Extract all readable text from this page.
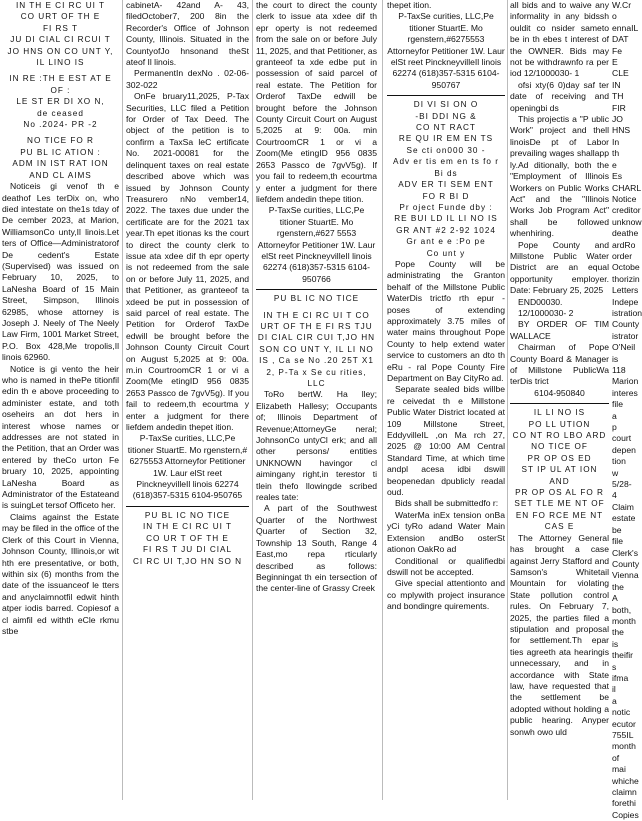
IN TH E CI RC UI T

CO URT OF TH E

FI RS T

JU DI CIAL CI RCUI T

JO HNS ON CO UNT Y,

IL LINO IS

IN RE :TH E EST AT E

OF :

LE ST ER DI XO N,

de ceased

No .2024- PR -2

NO TICE FO R

PU BL IC ATION :

ADM IN IST RAT ION

AND CL AIMS

Noticeis gi venof th e deathof Les terDix on, who died intestate on the1s tday of De cember 2023, at Marion, WilliamsonCo unty,Il linois.Let ters of Office—Administratorof De cedent's Estate (Supervised) was issued on February 10, 2025, to LaNesha Board of 15 Main Street, Simpson, Illinois 62985, whose attorney is Joseph J. Neely of The Neely Law Firm, 1001 Market Street, P.O. Box 428,Me tropolis,Il linois 62960.

Notice is gi vento the heir who is named in thePe titionfil edin th e above proceeding to administer estate, and toth oseheirs an dot hers in interest whose names or addresses are not stated in the Petition, that an Order was entered by theCo urton Fe bruary 10, 2025, appointing LaNesha Board as Administrator of the Estateand is suingLet tersof Officeto her.

Claims against the Estate may be filed in the office of the Clerk of this Court in Vienna, Johnson County, Illinois,or wit hth ere presentative, or both, within six (6) months from the date of the issuanceof le tters and anyclaimnotfil edwit hinth atper iodis barred. Copiesof a cl aimfil ed withth eCle rkmu stbe

cabinetA- 42and A- 43, filedOctober7, 200 8in the Recorder's Office of Johnson County, Illinois. Situated in the CountyofJo hnsonand theSt ateof Il linois.

PermanentIn dexNo . 02-06-302-022

OnFe bruary11,2025, P-Tax Securities, LLC filed a Petition for Order of Tax Deed. The object of the petition is to confirm a TaxSa leC ertificate No. 2021-00081 for the delinquent taxes on real estate described above which was issued by Johnson County Treasurero nNo vember14, 2022. The taxes due under the certificate are for the 2021 tax year.Th epet itionas ks the court to direct the county clerk to issue ata xdee dif th epr operty is not redeemed from the sale on or before July 11, 2025, and that Petitioner, as granteeof ta xdeed be put in possession of said parcel of real estate. The Petition for Orderof TaxDe edwill be brought before the Johnson County Circuit Court on August 5,2025 at 9: 00a. m.in CourtroomCR 1 or vi a Zoom(Me etingID 956 0835 2653 Passco de 7gvV5g). If you fail to redeem,th ecourtma y enter a judgment for there liefdem andedin thepet ition.

P-TaxSe curities, LLC,Pe titioner StuartE. Mo rgenstern,# 6275553 Attorneyfor Petitioner 1W. Laur elSt reet PinckneyvilleIl linois 62274 (618)357-5315 6104-950765

PU BL IC NO TICE

IN TH E CI RC UI T

CO UR T OF TH E

FI RS T JU DI CIAL

CI RC UI T,JO HN SO N

the court to direct the county clerk to issue ata xdee dif th epr operty is not redeemed from the sale on or before July 11, 2025, and that Petitioner, as granteeof ta xde edbe put in possession of said parcel of real estate. The Petition for Orderof TaxDe edwill be brought before the Johnson County Circuit Court on August 5,2025 at 9: 00a. min CourtroomCR 1 or vi a Zoom(Me etingID 956 0835 2653 Passco de 7gvV5g). If you fail to redeem,th ecourtma y enter a judgment for there liefdem andedin thepe tition.

P-TaxSe curities, LLC,Pe titioner StuartE. Mo rgenstern,#627 5553 Attorneyfor Petitioner 1W. Laur elSt reet PinckneyvilleIl linois 62274 (618)357-5315 6104-950766

PU BL IC NO TICE

IN TH E CI RC UI T CO URT OF TH E FI RS TJU DI CIAL CIR CUI T,JO HN SON CO UNT Y, IL LI NO IS , Ca se No .20 25T X1 2, P-Ta x Se cu rities, LLC

ToRo bertW. Ha lley; Elizabeth Hallesy; Occupants of; Illinois Department of Revenue;AttorneyGe neral; JohnsonCo untyCl erk; and all other persons/ entities UNKNOWN havingor cl aimingany right,in terestor ti tlein thefo llowingde scribed reales tate:

A part of the Southwest Quarter of the Northwest Quarter of Section 32, Township 13 South, Range 4 East,mo repa rticularly described as follows: Beginningat th ein tersection of the center-line of Grassy Creek

thepet ition.

P-TaxSe curities, LLC,Pe titioner StuartE. Mo rgenstern,#6275553 Attorneyfor Petitioner 1W. Laur elSt reet PinckneyvilleIl linois 62274 (618)357-5315 6104-950767

DI VI SI ON O

-BI DDI NG &

CO NT RACT

RE QU IR EM EN TS

Se cti on000 30 -

Adv er tis em en ts fo r

Bi ds

ADV ER TI SEM ENT

FO R BI D

Pr oject Funde dby :

RE BUI LD IL LI NO IS

GR ANT #2 2-92 1024

Gr ant e e :Po pe

Co unt y

Pope County will be administrating the Granton behalf of the Millstone Public WaterDis trictfo rth epur - poses of extending approximately 3.75 miles of water mains throughout Pope County to help extend water service to customers an dto th eRu - ral Pope County Fire Department on Bay CityRo ad.

Separate sealed bids willbe re ceivedat th e Millstone Public Water District located at 109 Millstone Street, EddyvilleIL ,on Ma rch 27, 2025 @ 10:00 AM Central Standard Time, at which time andpl acesa idbi dswill beopenedan dpublicly readal oud.

Bids shall be submittedfo r:

WaterMa inEx tension onBa yCi tyRo adand Water Main Extension andBo osterSt ationon OakRo ad

Conditional or qualifiedbi dswill not be accepted.

Give special attentionto and co mplywith project insurance and bondingre quirements.

all bids and to waive any informality in any bidssh ouldit co nsider sameto be in th ebes t interest of the OWNER. Bids may not be withdrawnfo ra per iod 12/1000030- 1

ofsi xty(6 0)day saf ter date of receiving and openingbi ds

This projectis a "P ublic Work" project and thell linoisDe pt of Labor prevailing wages shallapp ly.Ad ditionally, both the "Employment of Illinois Workers on Public Works Act" and the "Illinois Works Job Program Act" shall be followed whenhiring.

Pope County and Millstone Public Water District are an equal opportunity employer. Date: February 25, 2025

END00030.

12/1000030- 2

BY ORDER OF TIM WALLACE

Chairman of Pope County Board & Manager of Millstone PublicWa terDis trict

6104-950840

IL LI NO IS

PO LL UTION

CO NT RO LBO ARD

NO TICE OF

PR OP OS ED

ST IP UL AT ION AND

PR OP OS AL FO R

SET TLE ME NT OF

EN FO RCE ME NT

CAS E

The Attorney General has brought a case against Jerry Stafford and Samson's Whitetail Mountain for violating State pollution control rules. On February 7, 2025, the parties filed a stipulation and proposal for settlement.Th epar ties agreeth ata hearingis unnecessary, and in accordance with State law, have requested that the settlement be adopted without holding a public hearing. Anyper sonwh owo uld

W.Cr o ennaIL DAT Fe E CLE IN TH FIR JO HNS In th e Es CHARL Notice creditor unknow deathe ardRo order Octobe thorizin Letters Indepe istration County istrator O'Neil is 118 Marion interes file a p court depen tion w 5/28-4 Claim estate be file Clerk's County Vienna the A both, month the is theifir s ifma il a notic ecutor 755IL month of mai whiche claimn forethi Copies
